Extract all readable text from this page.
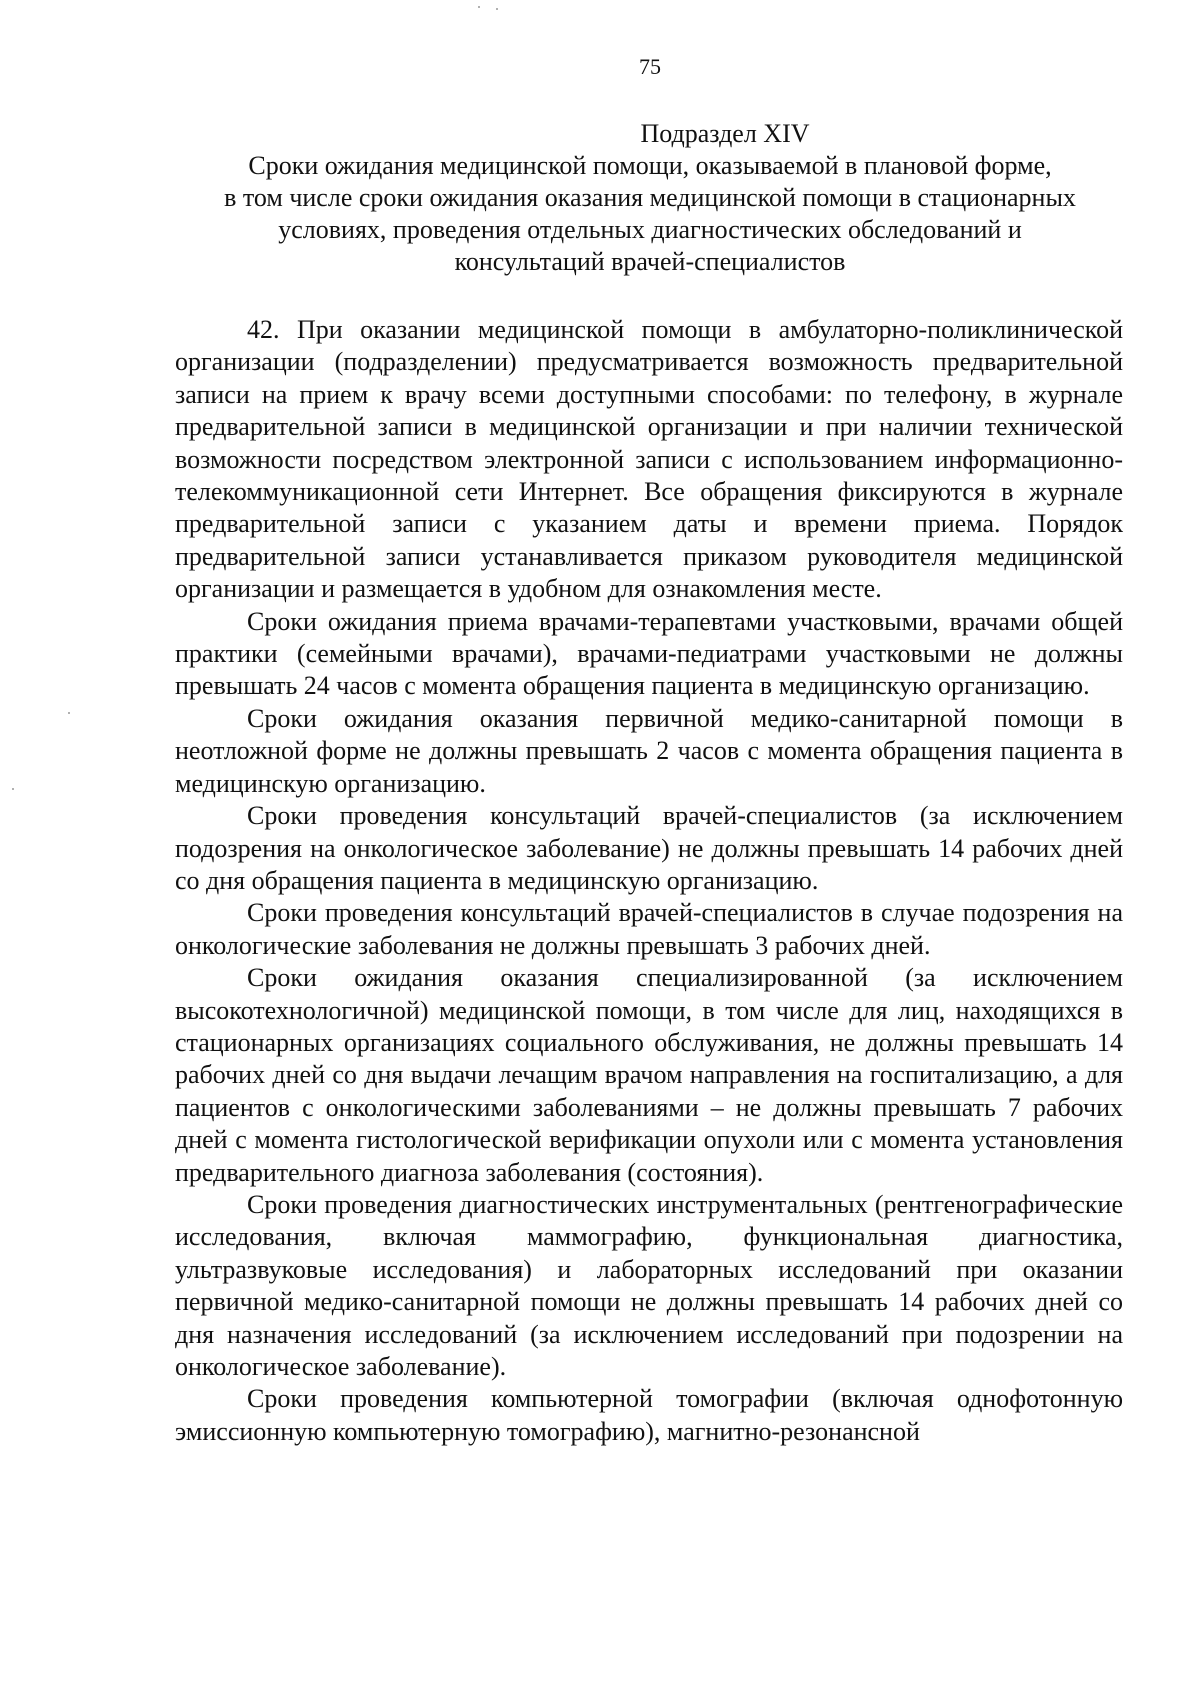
75
Подраздел XIV
Сроки ожидания медицинской помощи, оказываемой в плановой форме,
в том числе сроки ожидания оказания медицинской помощи в стационарных
условиях, проведения отдельных диагностических обследований и
консультаций врачей-специалистов

42. При оказании медицинской помощи в амбулаторно-поликлинической организации (подразделении) предусматривается возможность предварительной записи на прием к врачу всеми доступными способами: по телефону, в журнале предварительной записи в медицинской организации и при наличии технической возможности посредством электронной записи с использованием информационно-телекоммуникационной сети Интернет. Все обращения фиксируются в журнале предварительной записи с указанием даты и времени приема. Порядок предварительной записи устанавливается приказом руководителя медицинской организации и размещается в удобном для ознакомления месте.

Сроки ожидания приема врачами-терапевтами участковыми, врачами общей практики (семейными врачами), врачами-педиатрами участковыми не должны превышать 24 часов с момента обращения пациента в медицинскую организацию.

Сроки ожидания оказания первичной медико-санитарной помощи в неотложной форме не должны превышать 2 часов с момента обращения пациента в медицинскую организацию.

Сроки проведения консультаций врачей-специалистов (за исключением подозрения на онкологическое заболевание) не должны превышать 14 рабочих дней со дня обращения пациента в медицинскую организацию.

Сроки проведения консультаций врачей-специалистов в случае подозрения на онкологические заболевания не должны превышать 3 рабочих дней.

Сроки ожидания оказания специализированной (за исключением высокотехнологичной) медицинской помощи, в том числе для лиц, находящихся в стационарных организациях социального обслуживания, не должны превышать 14 рабочих дней со дня выдачи лечащим врачом направления на госпитализацию, а для пациентов с онкологическими заболеваниями – не должны превышать 7 рабочих дней с момента гистологической верификации опухоли или с момента установления предварительного диагноза заболевания (состояния).

Сроки проведения диагностических инструментальных (рентгенографические исследования, включая маммографию, функциональная диагностика, ультразвуковые исследования) и лабораторных исследований при оказании первичной медико-санитарной помощи не должны превышать 14 рабочих дней со дня назначения исследований (за исключением исследований при подозрении на онкологическое заболевание).

Сроки проведения компьютерной томографии (включая однофотонную эмиссионную компьютерную томографию), магнитно-резонансной
